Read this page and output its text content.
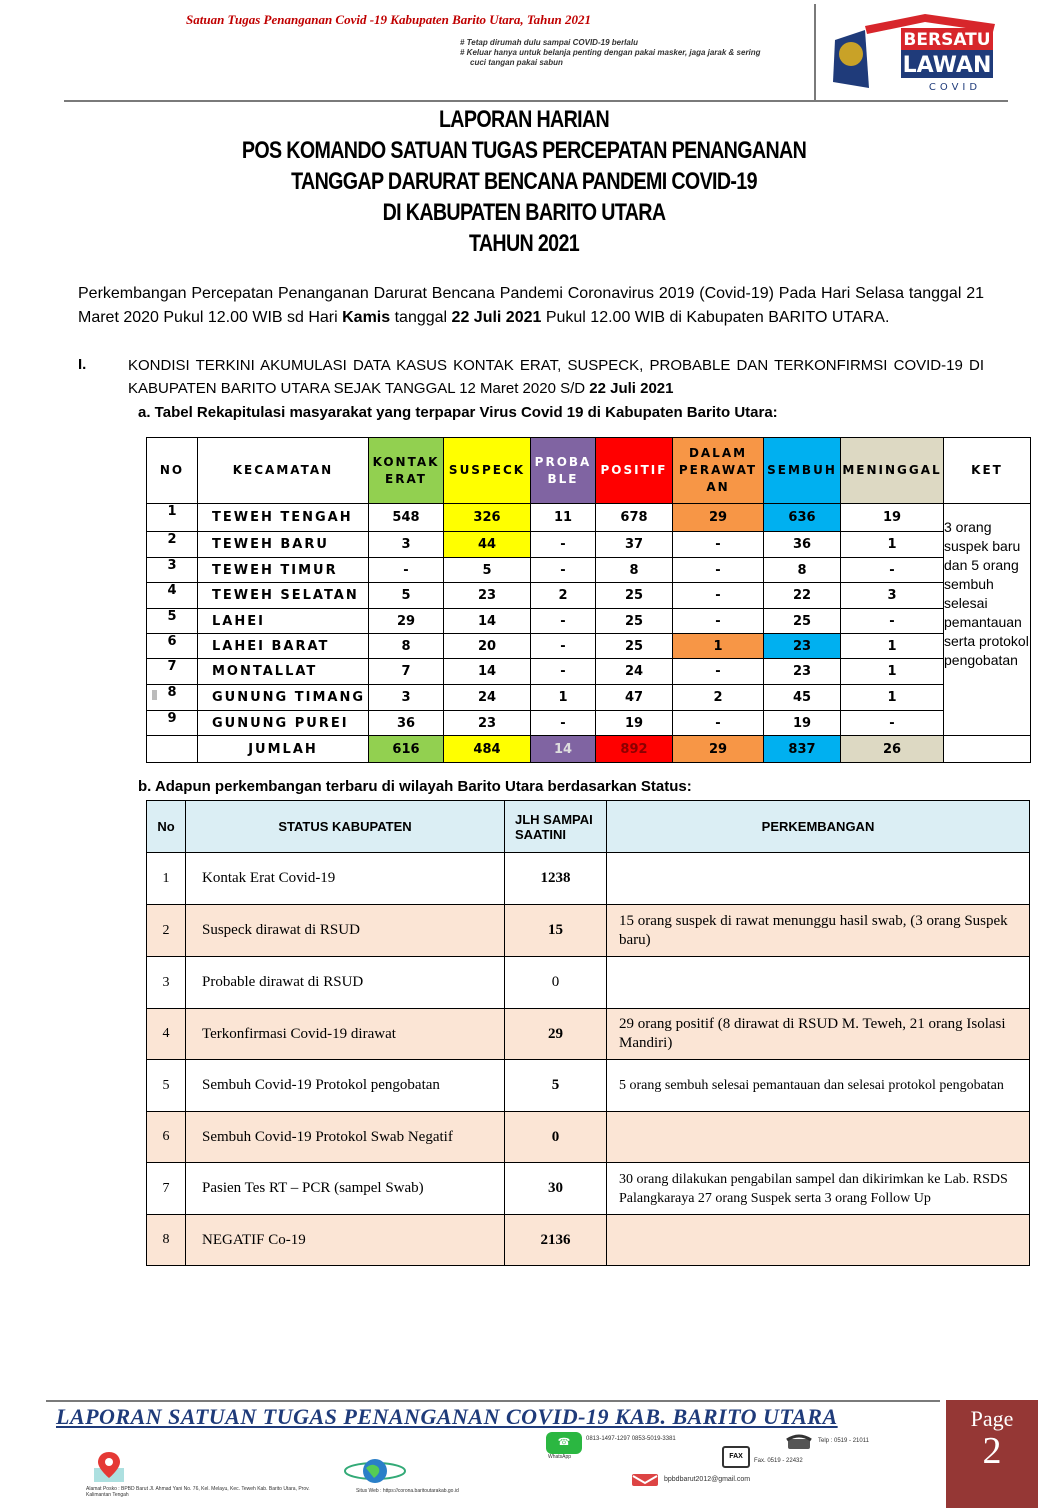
Satuan Tugas Penanganan Covid -19 Kabupaten Barito Utara, Tahun 2021
# Tetap dirumah dulu sampai COVID-19 berlalu
# Keluar hanya untuk belanja penting dengan pakai masker, jaga jarak & sering
cuci tangan pakai sabun
BERSATU
LAWAN
COVID
LAPORAN HARIAN
POS KOMANDO SATUAN TUGAS PERCEPATAN PENANGANAN
TANGGAP DARURAT BENCANA PANDEMI COVID-19
DI KABUPATEN BARITO UTARA
TAHUN 2021
Perkembangan Percepatan Penanganan Darurat Bencana Pandemi Coronavirus 2019 (Covid-19) Pada Hari Selasa tanggal 21 Maret 2020 Pukul 12.00 WIB sd Hari Kamis tanggal 22 Juli 2021 Pukul 12.00 WIB di Kabupaten BARITO UTARA.
I.	KONDISI TERKINI AKUMULASI DATA KASUS KONTAK ERAT, SUSPECK, PROBABLE DAN TERKONFIRMSI COVID-19 DI KABUPATEN BARITO UTARA SEJAK TANGGAL 12 Maret 2020 S/D 22 Juli 2021
a. Tabel Rekapitulasi masyarakat yang terpapar Virus Covid 19 di Kabupaten Barito Utara:
NO	KECAMATAN	KONTAK ERAT	SUSPECK	PROBA BLE	POSITIF	DALAM PERAWAT AN	SEMBUH	MENINGGAL	KET
1	TEWEH TENGAH	548	326	11	678	29	636	19	3 orang suspek baru dan 5 orang sembuh selesai pemantauan serta protokol pengobatan
2	TEWEH BARU	3	44	-	37	-	36	1	
3	TEWEH TIMUR	-	5	-	8	-	8	-	
4	TEWEH SELATAN	5	23	2	25	-	22	3	
5	LAHEI	29	14	-	25	-	25	-	
6	LAHEI BARAT	8	20	-	25	1	23	1	
7	MONTALLAT	7	14	-	24	-	23	1	
8	GUNUNG TIMANG	3	24	1	47	2	45	1	
9	GUNUNG PUREI	36	23	-	19	-	19	-	
	JUMLAH	616	484	14	892	29	837	26	
b. Adapun perkembangan terbaru di wilayah Barito Utara berdasarkan Status:
No	STATUS KABUPATEN	JLH SAMPAI SAATINI	PERKEMBANGAN
1	Kontak Erat Covid-19	1238	
2	Suspeck dirawat di RSUD	15	15 orang suspek di rawat menunggu hasil swab, (3 orang Suspek baru)
3	Probable dirawat di RSUD	0	
4	Terkonfirmasi Covid-19 dirawat	29	29 orang positif (8 dirawat di RSUD M. Teweh, 21 orang Isolasi Mandiri)
5	Sembuh Covid-19 Protokol pengobatan	5	5 orang sembuh selesai pemantauan dan selesai protokol pengobatan
6	Sembuh Covid-19 Protokol Swab Negatif	0	
7	Pasien Tes RT – PCR (sampel Swab)	30	30 orang dilakukan pengabilan sampel dan dikirimkan ke Lab. RSDS Palangkaraya 27 orang Suspek serta 3 orang Follow Up
8	NEGATIF Co-19	2136	
LAPORAN SATUAN TUGAS PENANGANAN COVID-19 KAB. BARITO UTARA	Page
2
☎
WhatsApp
0813-1497-1297 0853-5019-3381	Telp : 0519 - 21011
FAX
Fax. 0519 - 22432
bpbdbarut2012@gmail.com
Alamat Posko : BPBD Barut Jl. Ahmad Yani No. 76, Kel. Melayu, Kec. Teweh Kab. Barito Utara, Prov. Kalimantan Tengah
Situs Web : https://corona.baritoutarakab.go.id
